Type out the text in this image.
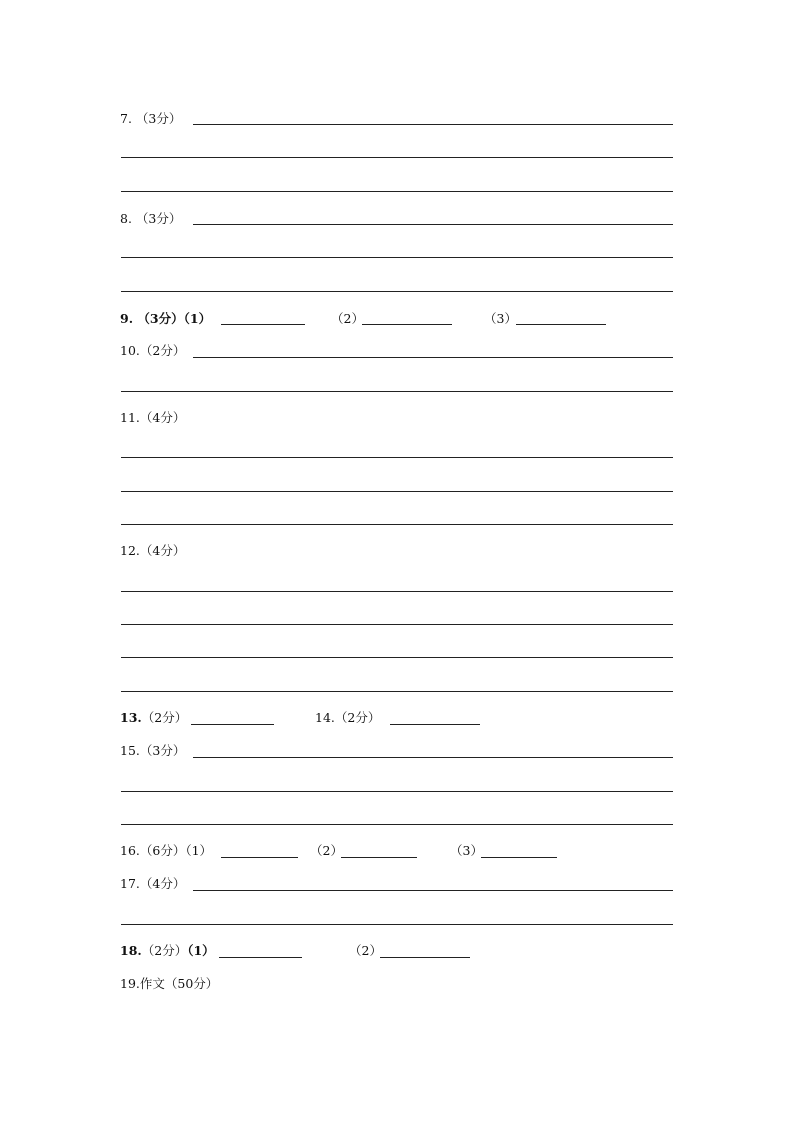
7. （3分）
8. （3分）
9. （3分）（1）	（2）	（3）
10.（2分）
11.（4分）
12.（4分）
13.（2分）	14.（2分）
15.（3分）
16.（6分）（1）	（2）	（3）
17.（4分）
18.（2分）（1）	（2）
19.作文（50分）
